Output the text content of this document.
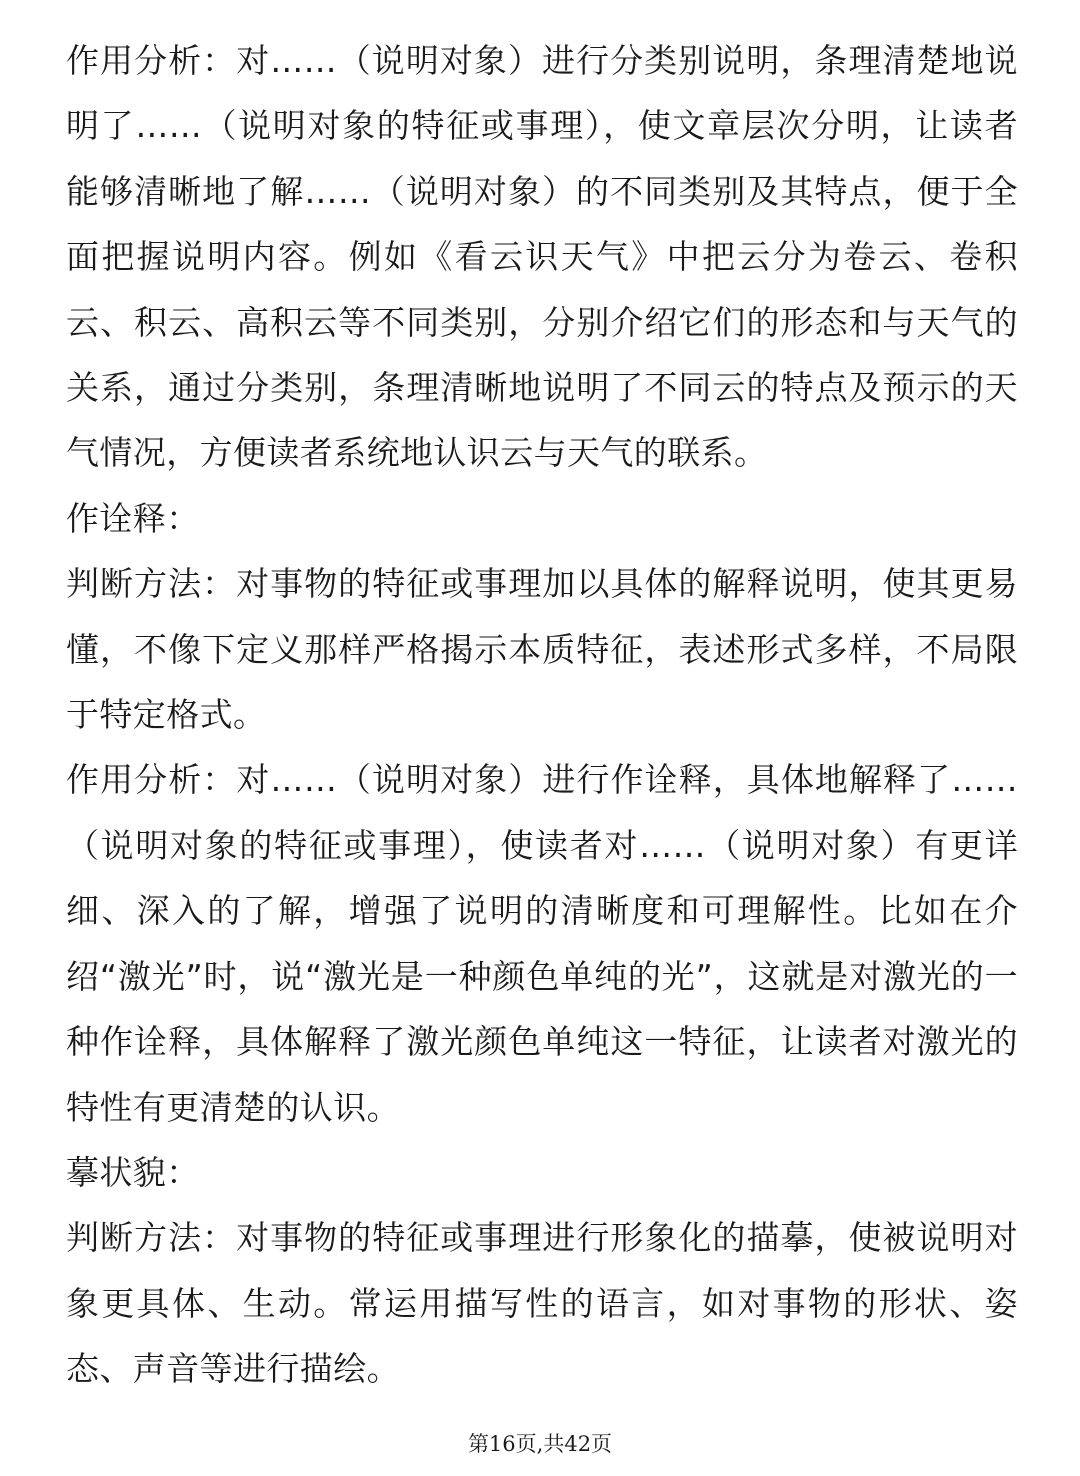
作用分析：对……（说明对象）进行分类别说明，条理清楚地说明了……（说明对象的特征或事理），使文章层次分明，让读者能够清晰地了解……（说明对象）的不同类别及其特点，便于全面把握说明内容。例如《看云识天气》中把云分为卷云、卷积云、积云、高积云等不同类别，分别介绍它们的形态和与天气的关系，通过分类别，条理清晰地说明了不同云的特点及预示的天气情况，方便读者系统地认识云与天气的联系。

作诠释：

判断方法：对事物的特征或事理加以具体的解释说明，使其更易懂，不像下定义那样严格揭示本质特征，表述形式多样，不局限于特定格式。

作用分析：对……（说明对象）进行作诠释，具体地解释了……（说明对象的特征或事理），使读者对……（说明对象）有更详细、深入的了解，增强了说明的清晰度和可理解性。比如在介绍“激光”时，说“激光是一种颜色单纯的光”，这就是对激光的一种作诠释，具体解释了激光颜色单纯这一特征，让读者对激光的特性有更清楚的认识。

摹状貌：

判断方法：对事物的特征或事理进行形象化的描摹，使被说明对象更具体、生动。常运用描写性的语言，如对事物的形状、姿态、声音等进行描绘。

第16页,共42页
